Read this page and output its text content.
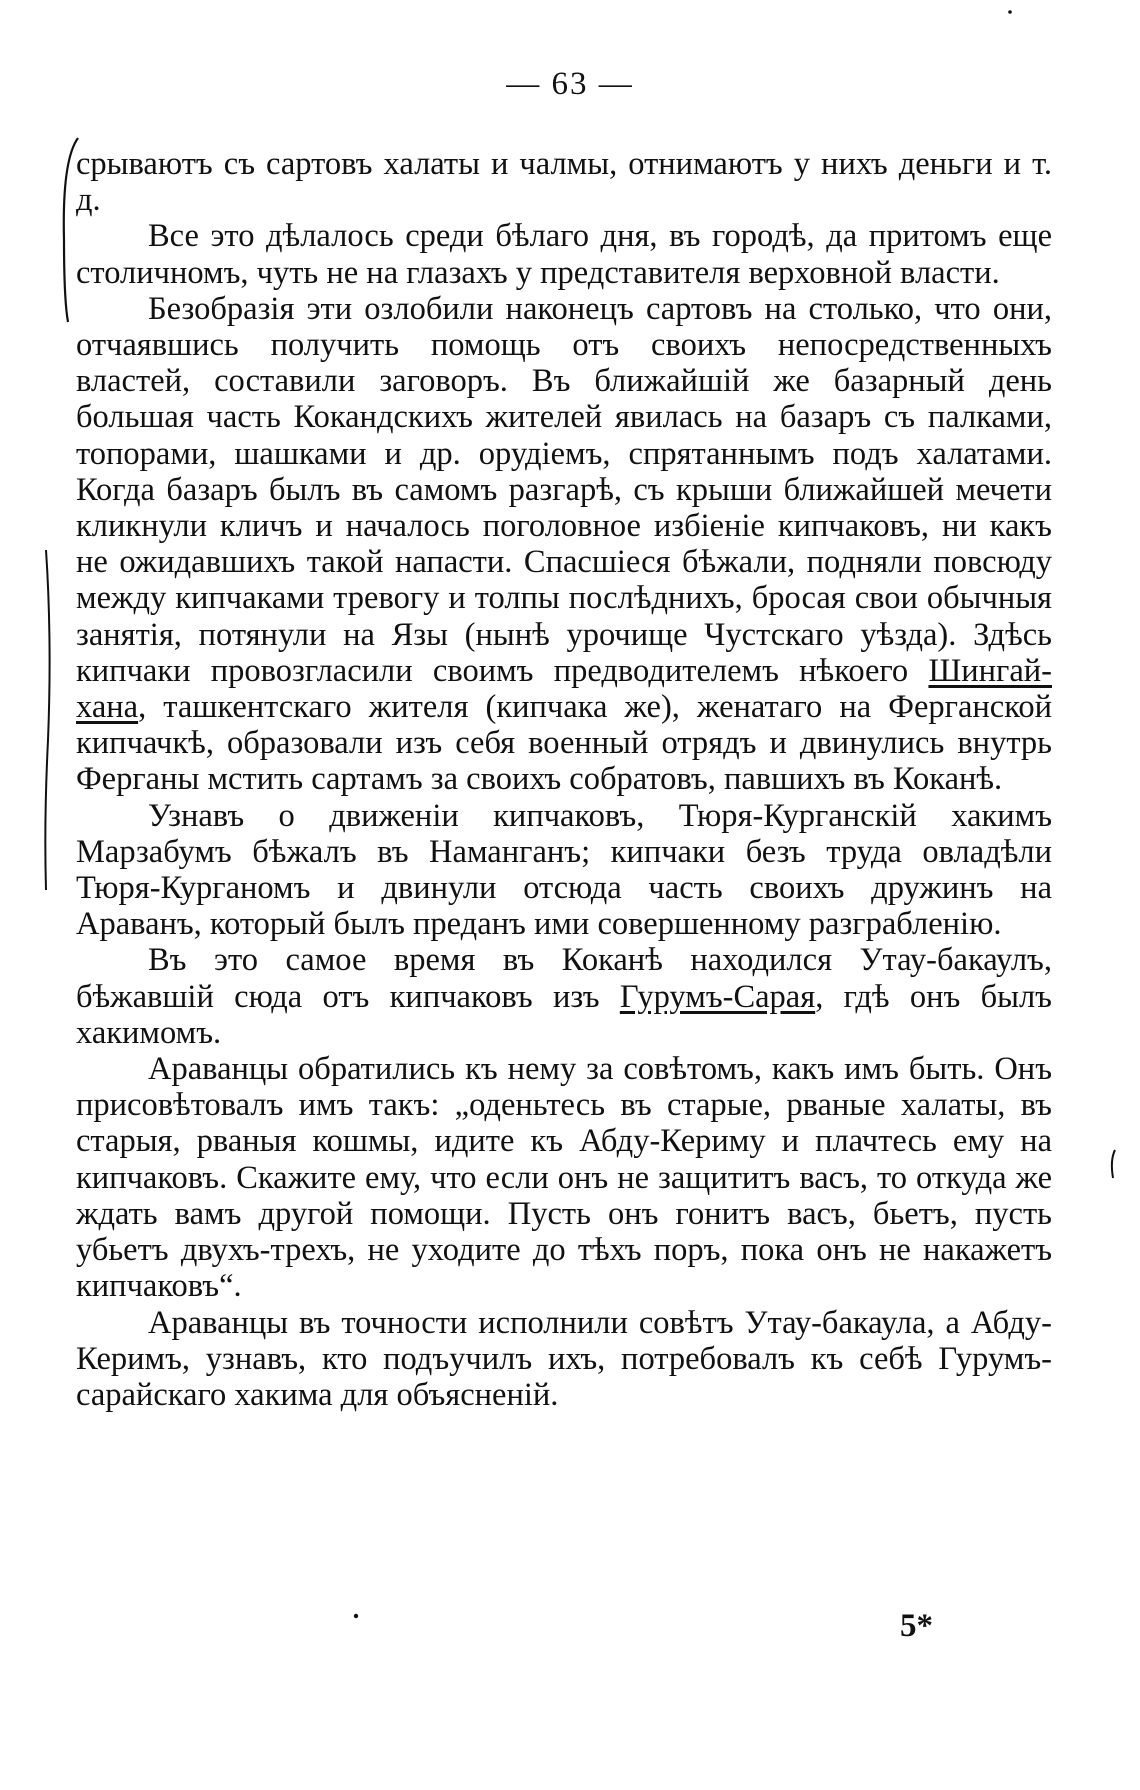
— 63 —

срываютъ съ сартовъ халаты и чалмы, отнимаютъ у нихъ деньги и т. д.

Все это дѣлалось среди бѣлаго дня, въ городѣ, да притомъ еще столичномъ, чуть не на глазахъ у представителя верховной власти.

Безобразія эти озлобили наконецъ сартовъ на столько, что они, отчаявшись получить помощь отъ своихъ непосредственныхъ властей, составили заговоръ. Въ ближайшій же базарный день большая часть Кокандскихъ жителей явилась на базаръ съ палками, топорами, шашками и др. орудіемъ, спрятаннымъ подъ халатами. Когда базаръ былъ въ самомъ разгарѣ, съ крыши ближайшей мечети кликнули кличъ и началось поголовное избіеніе кипчаковъ, ни какъ не ожидавшихъ такой напасти. Спасшіеся бѣжали, подняли повсюду между кипчаками тревогу и толпы послѣднихъ, бросая свои обычныя занятія, потянули на Язы (нынѣ урочище Чустскаго уѣзда). Здѣсь кипчаки провозгласили своимъ предводителемъ нѣкоего Шингай-хана, ташкентскаго жителя (кипчака же), женатаго на Ферганской кипчачкѣ, образовали изъ себя военный отрядъ и двинулись внутрь Ферганы мстить сартамъ за своихъ собратовъ, павшихъ въ Коканѣ.

Узнавъ о движеніи кипчаковъ, Тюря-Курганскій хакимъ Марзабумъ бѣжалъ въ Наманганъ; кипчаки безъ труда овладѣли Тюря-Курганомъ и двинули отсюда часть своихъ дружинъ на Араванъ, который былъ преданъ ими совершенному разграбленію.

Въ это самое время въ Коканѣ находился Утау-бакаулъ, бѣжавшій сюда отъ кипчаковъ изъ Гурумъ-Сарая, гдѣ онъ былъ хакимомъ.

Араванцы обратились къ нему за совѣтомъ, какъ имъ быть. Онъ присовѣтовалъ имъ такъ: „оденьтесь въ старые, рваные халаты, въ старыя, рваныя кошмы, идите къ Абду-Кериму и плачтесь ему на кипчаковъ. Скажите ему, что если онъ не защититъ васъ, то откуда же ждать вамъ другой помощи. Пусть онъ гонитъ васъ, бьетъ, пусть убьетъ двухъ-трехъ, не уходите до тѣхъ поръ, пока онъ не накажетъ кипчаковъ“.

Араванцы въ точности исполнили совѣтъ Утау-бакаула, а Абду-Керимъ, узнавъ, кто подъучилъ ихъ, потребовалъ къ себѣ Гурумъ-сарайскаго хакима для объясненій.

5*
